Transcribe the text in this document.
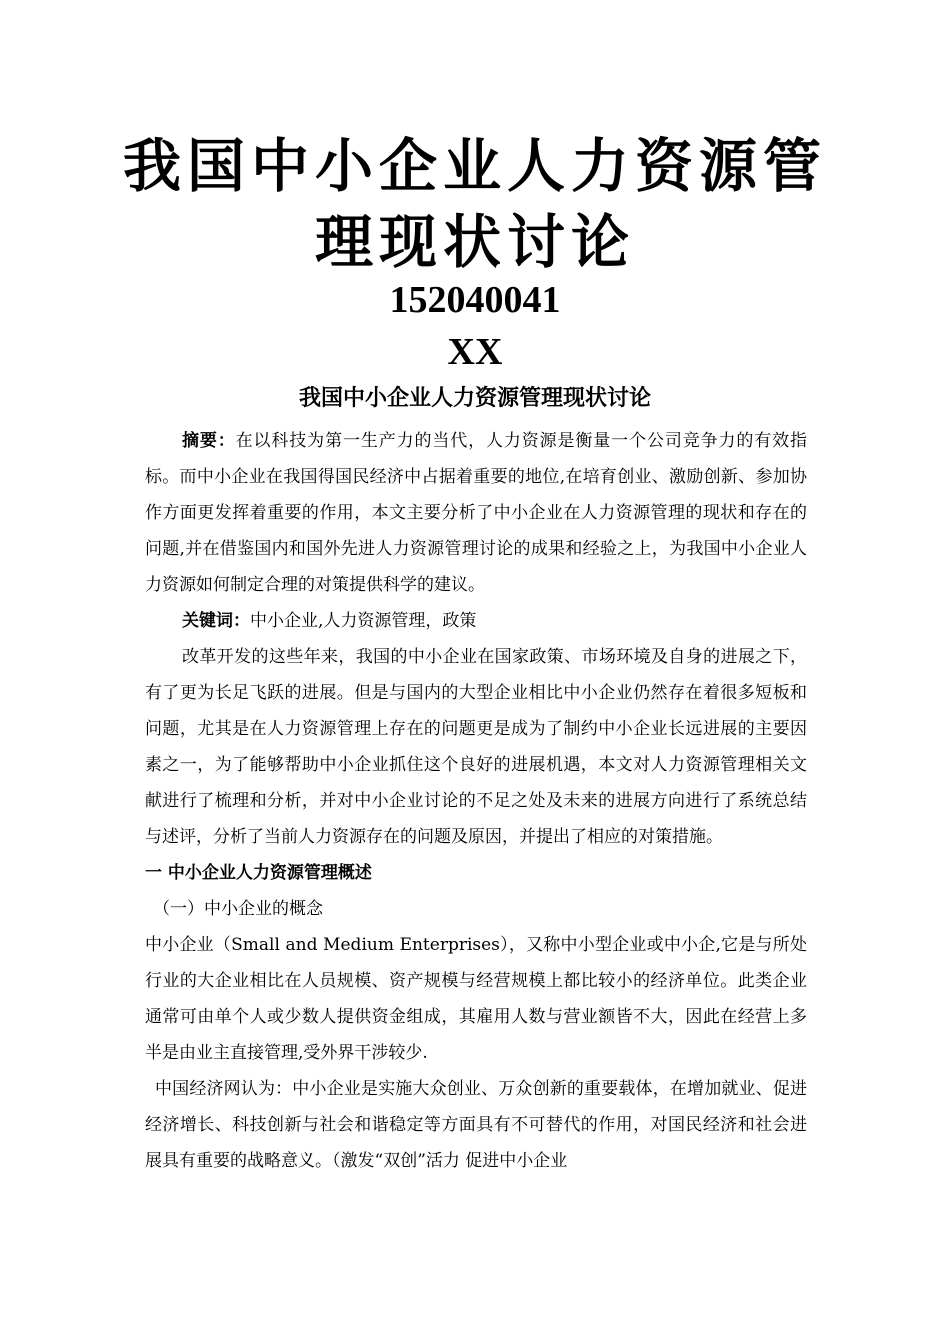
我国中小企业人力资源管
理现状讨论
152040041
XX
我国中小企业人力资源管理现状讨论

摘要：在以科技为第一生产力的当代，人力资源是衡量一个公司竞争力的有效指标。而中小企业在我国得国民经济中占据着重要的地位,在培育创业、激励创新、参加协作方面更发挥着重要的作用，本文主要分析了中小企业在人力资源管理的现状和存在的问题,并在借鉴国内和国外先进人力资源管理讨论的成果和经验之上，为我国中小企业人力资源如何制定合理的对策提供科学的建议。

关键词：中小企业,人力资源管理，政策

改革开发的这些年来，我国的中小企业在国家政策、市场环境及自身的进展之下，有了更为长足飞跃的进展。但是与国内的大型企业相比中小企业仍然存在着很多短板和问题，尤其是在人力资源管理上存在的问题更是成为了制约中小企业长远进展的主要因素之一，为了能够帮助中小企业抓住这个良好的进展机遇，本文对人力资源管理相关文献进行了梳理和分析，并对中小企业讨论的不足之处及未来的进展方向进行了系统总结与述评，分析了当前人力资源存在的问题及原因，并提出了相应的对策措施。

一 中小企业人力资源管理概述

（一）中小企业的概念

中小企业（Small and Medium Enterprises），又称中小型企业或中小企,它是与所处行业的大企业相比在人员规模、资产规模与经营规模上都比较小的经济单位。此类企业通常可由单个人或少数人提供资金组成，其雇用人数与营业额皆不大，因此在经营上多半是由业主直接管理,受外界干涉较少.

中国经济网认为：中小企业是实施大众创业、万众创新的重要载体，在增加就业、促进经济增长、科技创新与社会和谐稳定等方面具有不可替代的作用，对国民经济和社会进展具有重要的战略意义。（激发“双创”活力 促进中小企业
